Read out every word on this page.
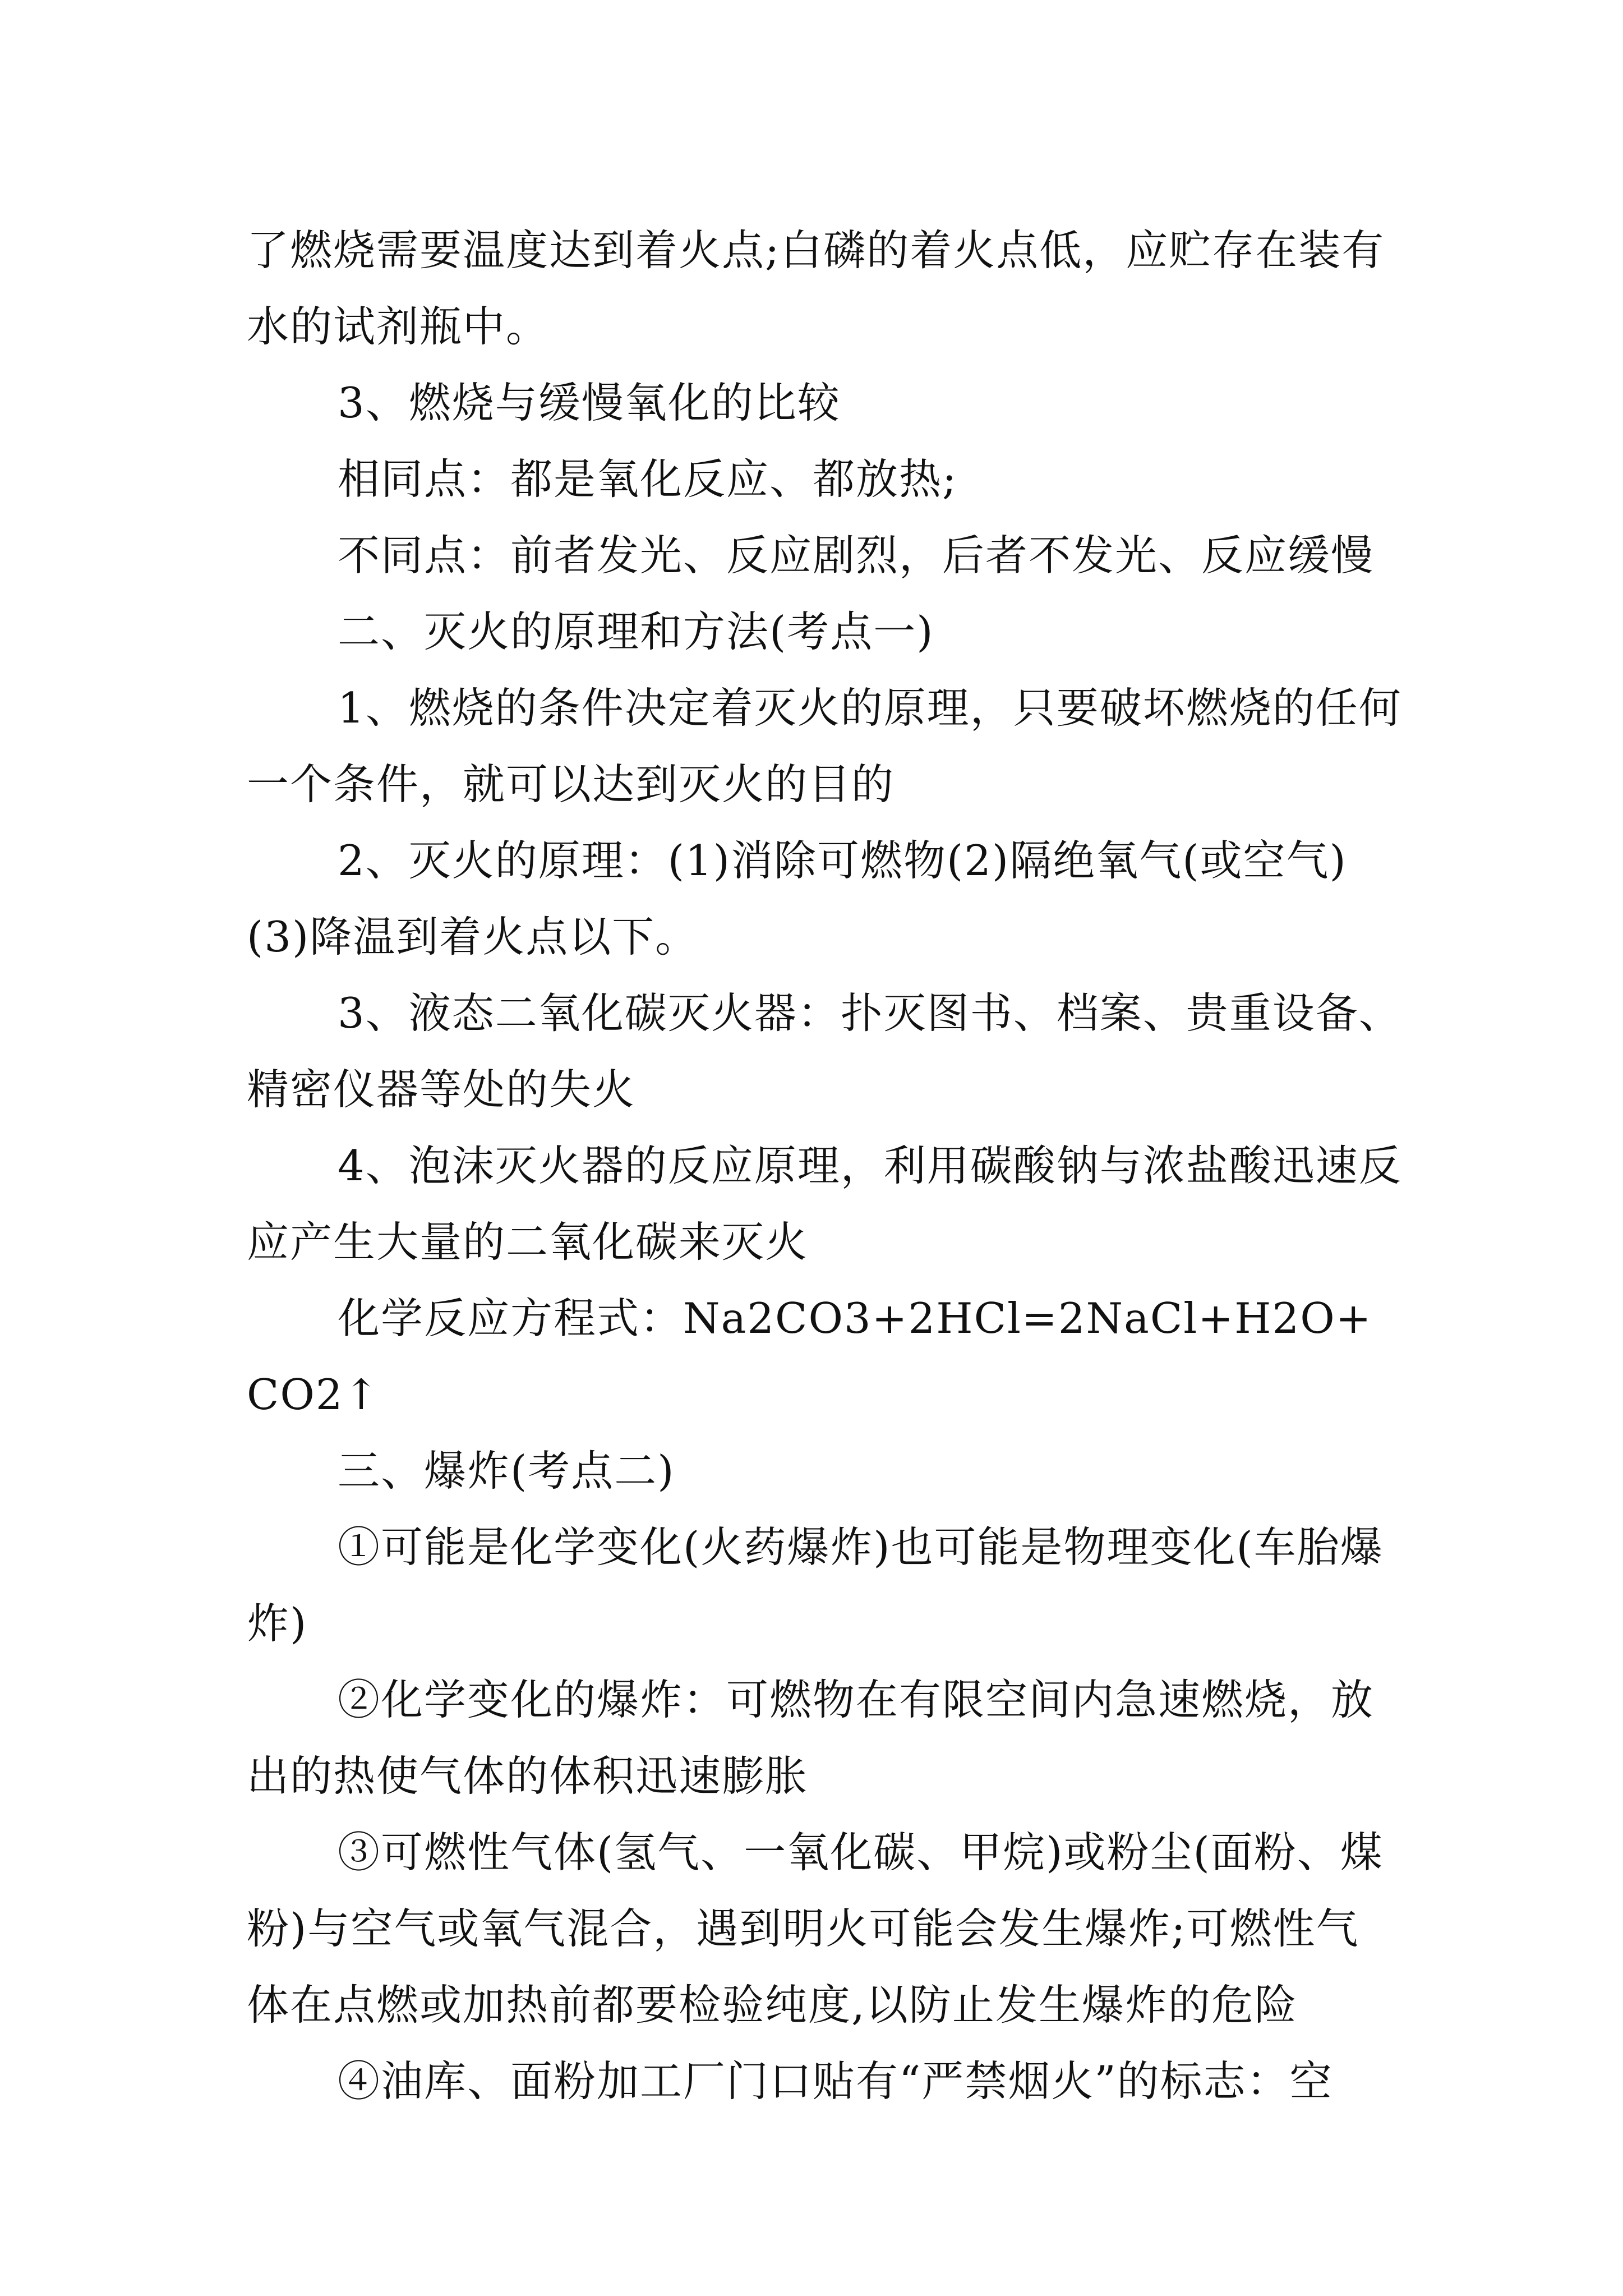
了燃烧需要温度达到着火点;白磷的着火点低，应贮存在装有水的试剂瓶中。

3、燃烧与缓慢氧化的比较

相同点：都是氧化反应、都放热;

不同点：前者发光、反应剧烈，后者不发光、反应缓慢

二、灭火的原理和方法(考点一)

1、燃烧的条件决定着灭火的原理，只要破坏燃烧的任何一个条件，就可以达到灭火的目的

2、灭火的原理：(1)消除可燃物(2)隔绝氧气(或空气)(3)降温到着火点以下。

3、液态二氧化碳灭火器：扑灭图书、档案、贵重设备、精密仪器等处的失火

4、泡沫灭火器的反应原理，利用碳酸钠与浓盐酸迅速反应产生大量的二氧化碳来灭火

化学反应方程式：Na2CO3+2HCl=2NaCl+H2O+CO2↑

三、爆炸(考点二)

①可能是化学变化(火药爆炸)也可能是物理变化(车胎爆炸)

②化学变化的爆炸：可燃物在有限空间内急速燃烧，放出的热使气体的体积迅速膨胀

③可燃性气体(氢气、一氧化碳、甲烷)或粉尘(面粉、煤粉)与空气或氧气混合，遇到明火可能会发生爆炸;可燃性气体在点燃或加热前都要检验纯度,以防止发生爆炸的危险

④油库、面粉加工厂门口贴有“严禁烟火”的标志：空
